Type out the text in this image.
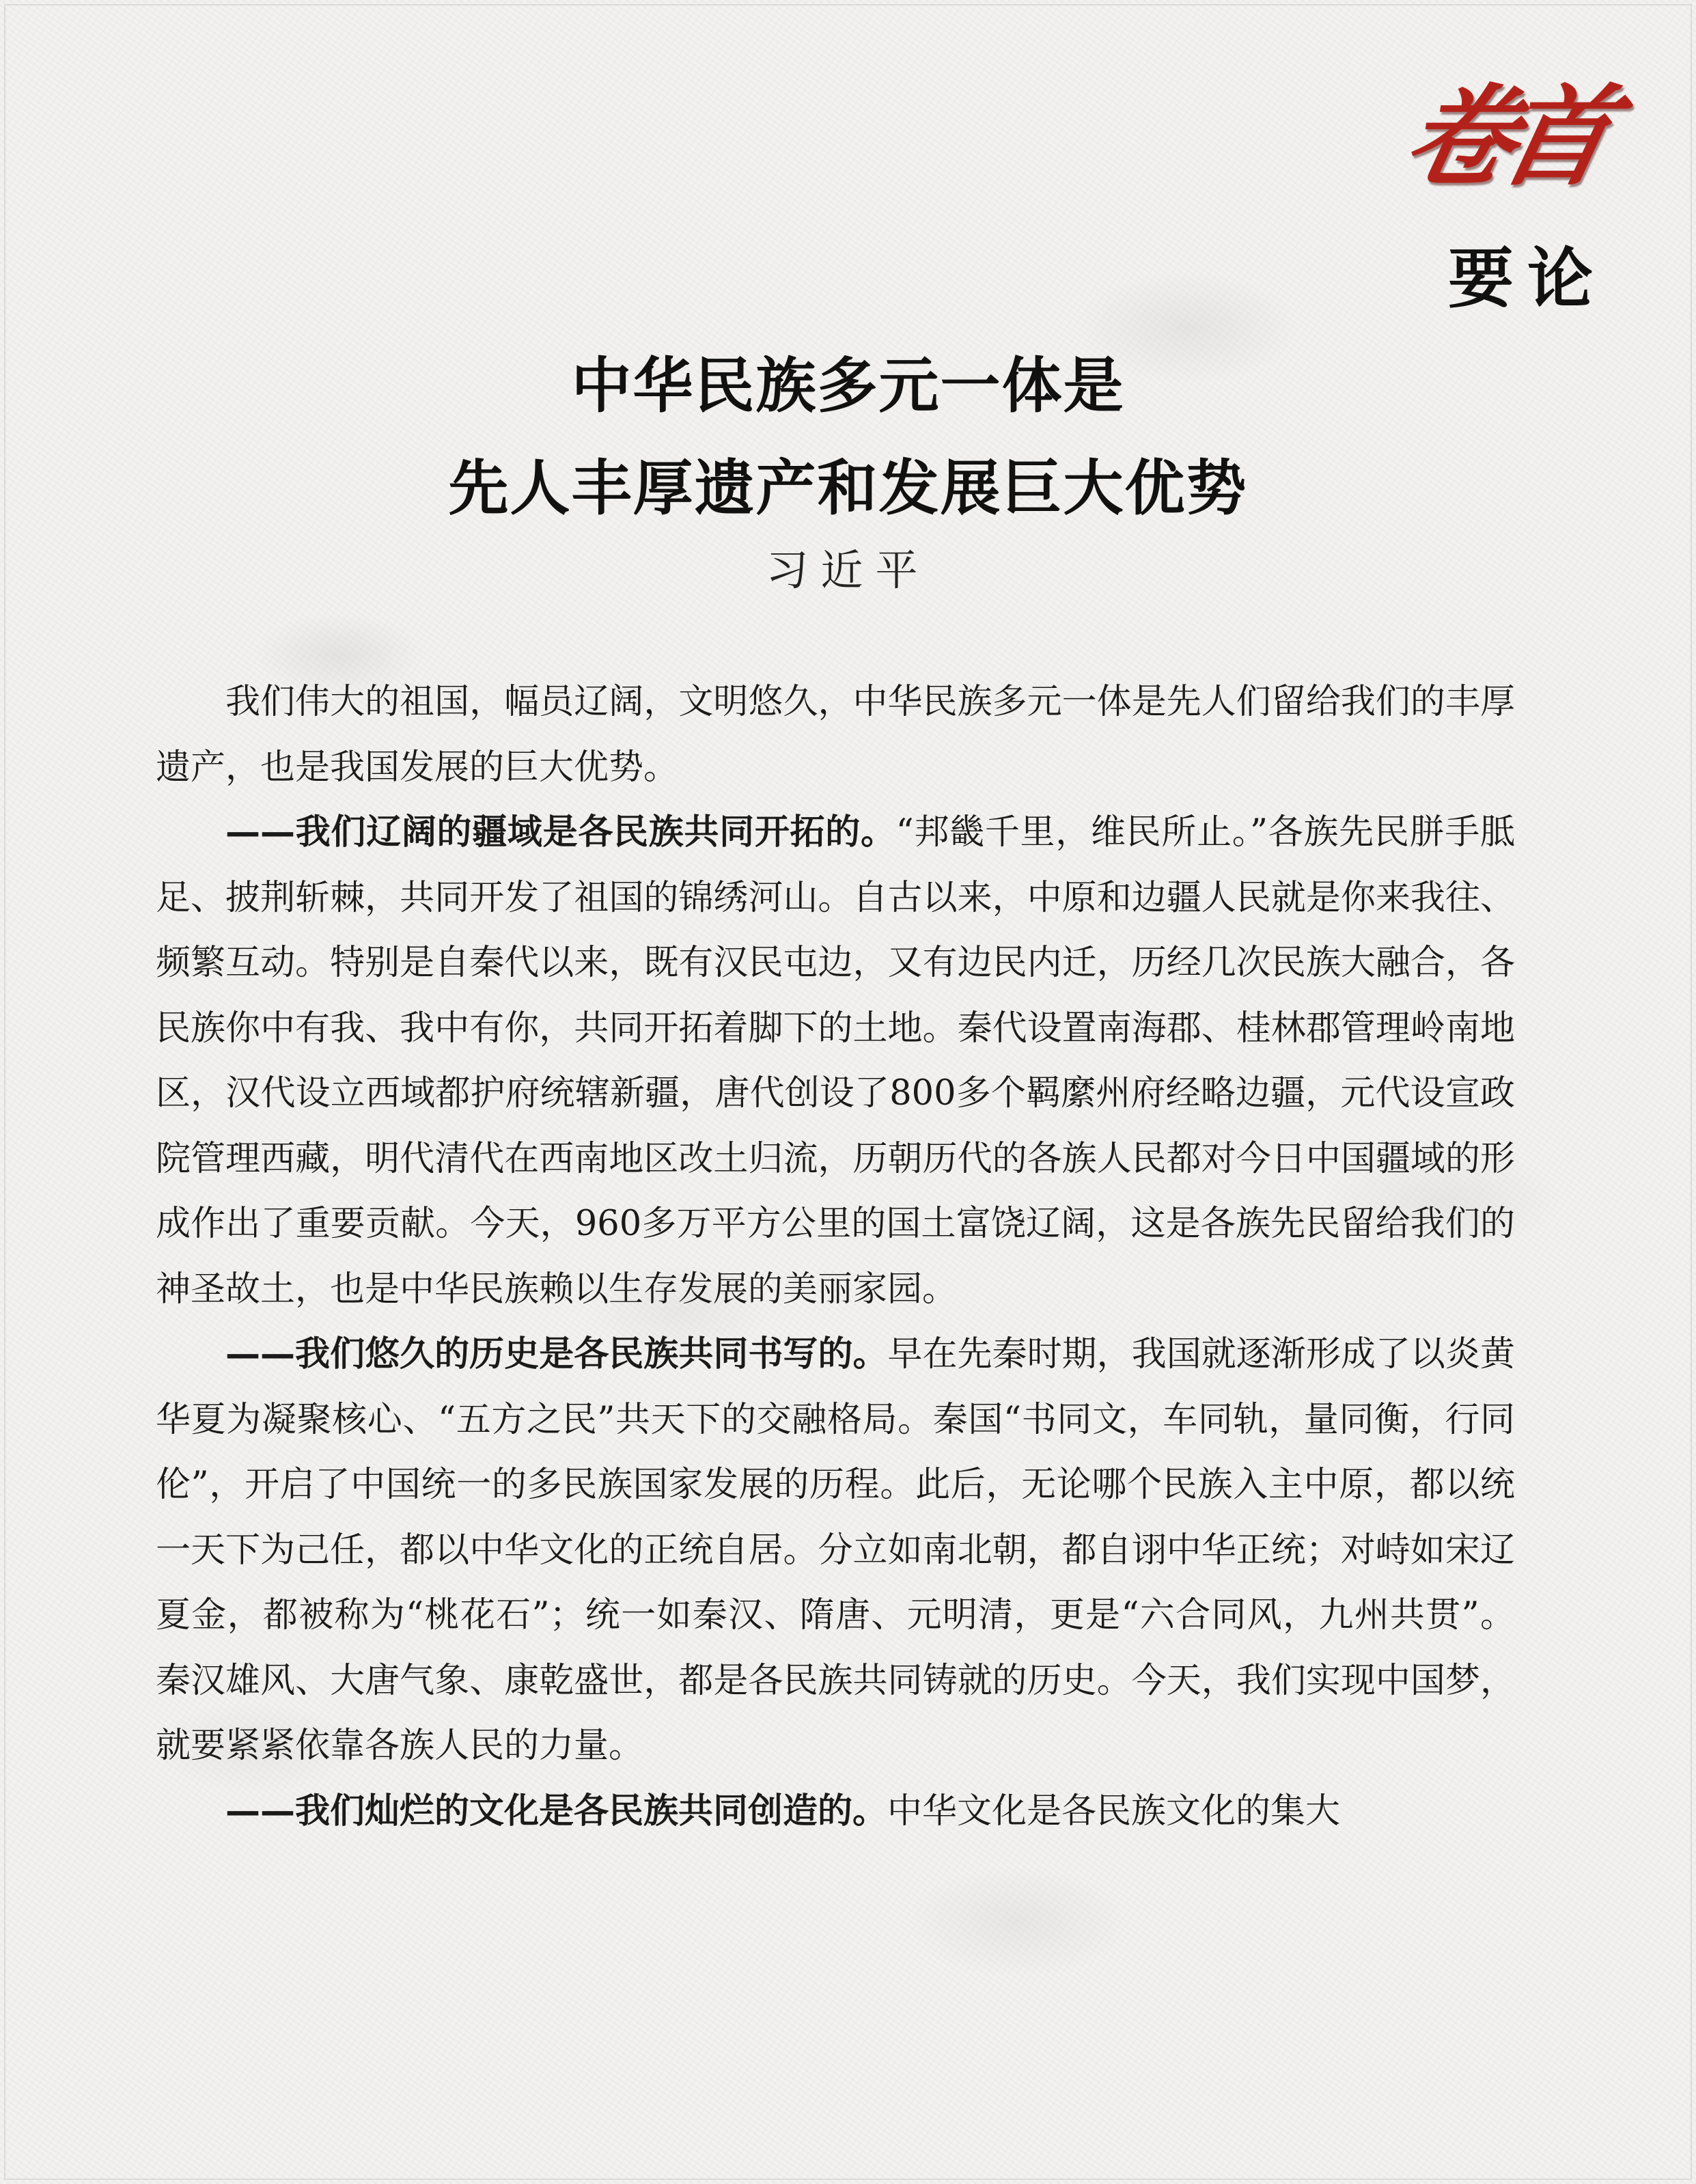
卷首
要论
中华民族多元一体是
先人丰厚遗产和发展巨大优势
习近平

我们伟大的祖国，幅员辽阔，文明悠久，中华民族多元一体是先人们留给我们的丰厚遗产，也是我国发展的巨大优势。

——我们辽阔的疆域是各民族共同开拓的。“邦畿千里，维民所止。”各族先民胼手胝足、披荆斩棘，共同开发了祖国的锦绣河山。自古以来，中原和边疆人民就是你来我往、频繁互动。特别是自秦代以来，既有汉民屯边，又有边民内迁，历经几次民族大融合，各民族你中有我、我中有你，共同开拓着脚下的土地。秦代设置南海郡、桂林郡管理岭南地区，汉代设立西域都护府统辖新疆，唐代创设了800多个羁縻州府经略边疆，元代设宣政院管理西藏，明代清代在西南地区改土归流，历朝历代的各族人民都对今日中国疆域的形成作出了重要贡献。今天，960多万平方公里的国土富饶辽阔，这是各族先民留给我们的神圣故土，也是中华民族赖以生存发展的美丽家园。

——我们悠久的历史是各民族共同书写的。早在先秦时期，我国就逐渐形成了以炎黄华夏为凝聚核心、“五方之民”共天下的交融格局。秦国“书同文，车同轨，量同衡，行同伦”，开启了中国统一的多民族国家发展的历程。此后，无论哪个民族入主中原，都以统一天下为己任，都以中华文化的正统自居。分立如南北朝，都自诩中华正统；对峙如宋辽夏金，都被称为“桃花石”；统一如秦汉、隋唐、元明清，更是“六合同风，九州共贯”。秦汉雄风、大唐气象、康乾盛世，都是各民族共同铸就的历史。今天，我们实现中国梦，就要紧紧依靠各族人民的力量。

——我们灿烂的文化是各民族共同创造的。中华文化是各民族文化的集大
